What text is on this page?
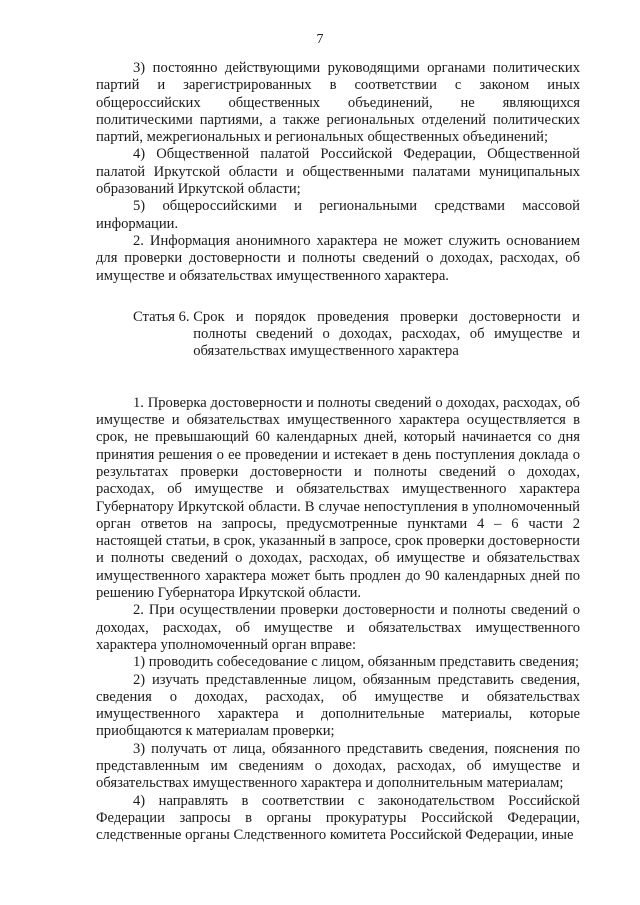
7

3) постоянно действующими руководящими органами политических партий и зарегистрированных в соответствии с законом иных общероссийских общественных объединений, не являющихся политическими партиями, а также региональных отделений политических партий, межрегиональных и региональных общественных объединений;

4) Общественной палатой Российской Федерации, Общественной палатой Иркутской области и общественными палатами муниципальных образований Иркутской области;

5) общероссийскими и региональными средствами массовой информации.

2. Информация анонимного характера не может служить основанием для проверки достоверности и полноты сведений о доходах, расходах, об имуществе и обязательствах имущественного характера.

Статья 6.
Срок и порядок проведения проверки достоверности и полноты сведений о доходах, расходах, об имуществе и обязательствах имущественного характера

1. Проверка достоверности и полноты сведений о доходах, расходах, об имуществе и обязательствах имущественного характера осуществляется в срок, не превышающий 60 календарных дней, который начинается со дня принятия решения о ее проведении и истекает в день поступления доклада о результатах проверки достоверности и полноты сведений о доходах, расходах, об имуществе и обязательствах имущественного характера Губернатору Иркутской области. В случае непоступления в уполномоченный орган ответов на запросы, предусмотренные пунктами 4 – 6 части 2 настоящей статьи, в срок, указанный в запросе, срок проверки достоверности и полноты сведений о доходах, расходах, об имуществе и обязательствах имущественного характера может быть продлен до 90 календарных дней по решению Губернатора Иркутской области.

2. При осуществлении проверки достоверности и полноты сведений о доходах, расходах, об имуществе и обязательствах имущественного характера уполномоченный орган вправе:

1) проводить собеседование с лицом, обязанным представить сведения;

2) изучать представленные лицом, обязанным представить сведения, сведения о доходах, расходах, об имуществе и обязательствах имущественного характера и дополнительные материалы, которые приобщаются к материалам проверки;

3) получать от лица, обязанного представить сведения, пояснения по представленным им сведениям о доходах, расходах, об имуществе и обязательствах имущественного характера и дополнительным материалам;

4) направлять в соответствии с законодательством Российской Федерации запросы в органы прокуратуры Российской Федерации, следственные органы Следственного комитета Российской Федерации, иные
